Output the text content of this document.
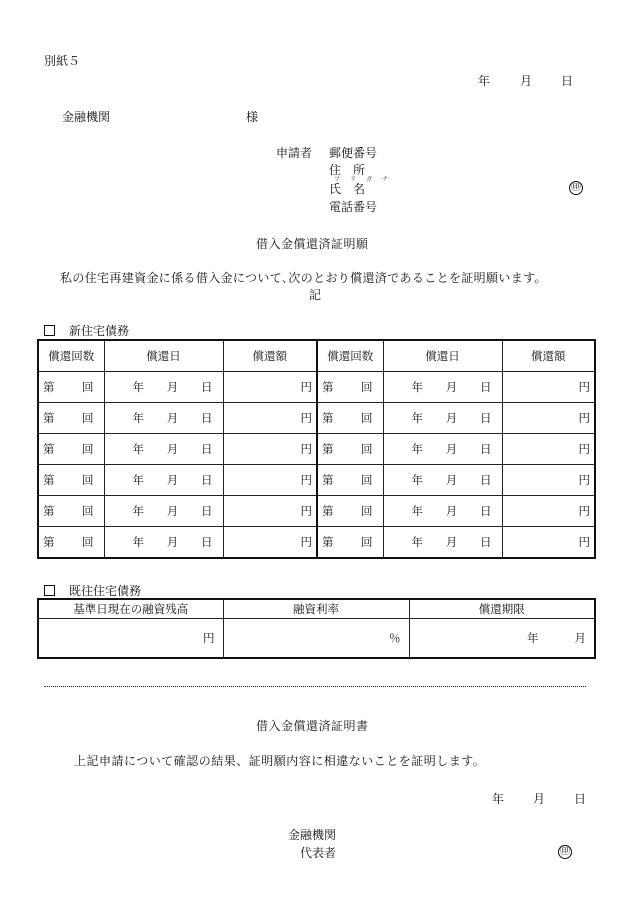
別紙５
年 月 日
金融機関	様
申請者 郵便番号
住　所
フ　リ　ガ　ナ
氏　名	㊞
電話番号
借入金償還済証明願
私の住宅再建資金に係る借入金について､次のとおり償還済であることを証明願います。
記
新住宅債務
償還回数	償還日	償還額	償還回数	償還日	償還額

第 回	年 月 日	円	第 回	年 月 日	円

第 回	年 月 日	円	第 回	年 月 日	円

第 回	年 月 日	円	第 回	年 月 日	円

第 回	年 月 日	円	第 回	年 月 日	円

第 回	年 月 日	円	第 回	年 月 日	円

第 回	年 月 日	円	第 回	年 月 日	円
既往住宅債務
基準日現在の融資残高	融資利率	償還期限
円	％	年 月
借入金償還済証明書
上記申請について確認の結果、証明願内容に相違ないことを証明します。
年 月 日
金融機関
代表者	㊞
